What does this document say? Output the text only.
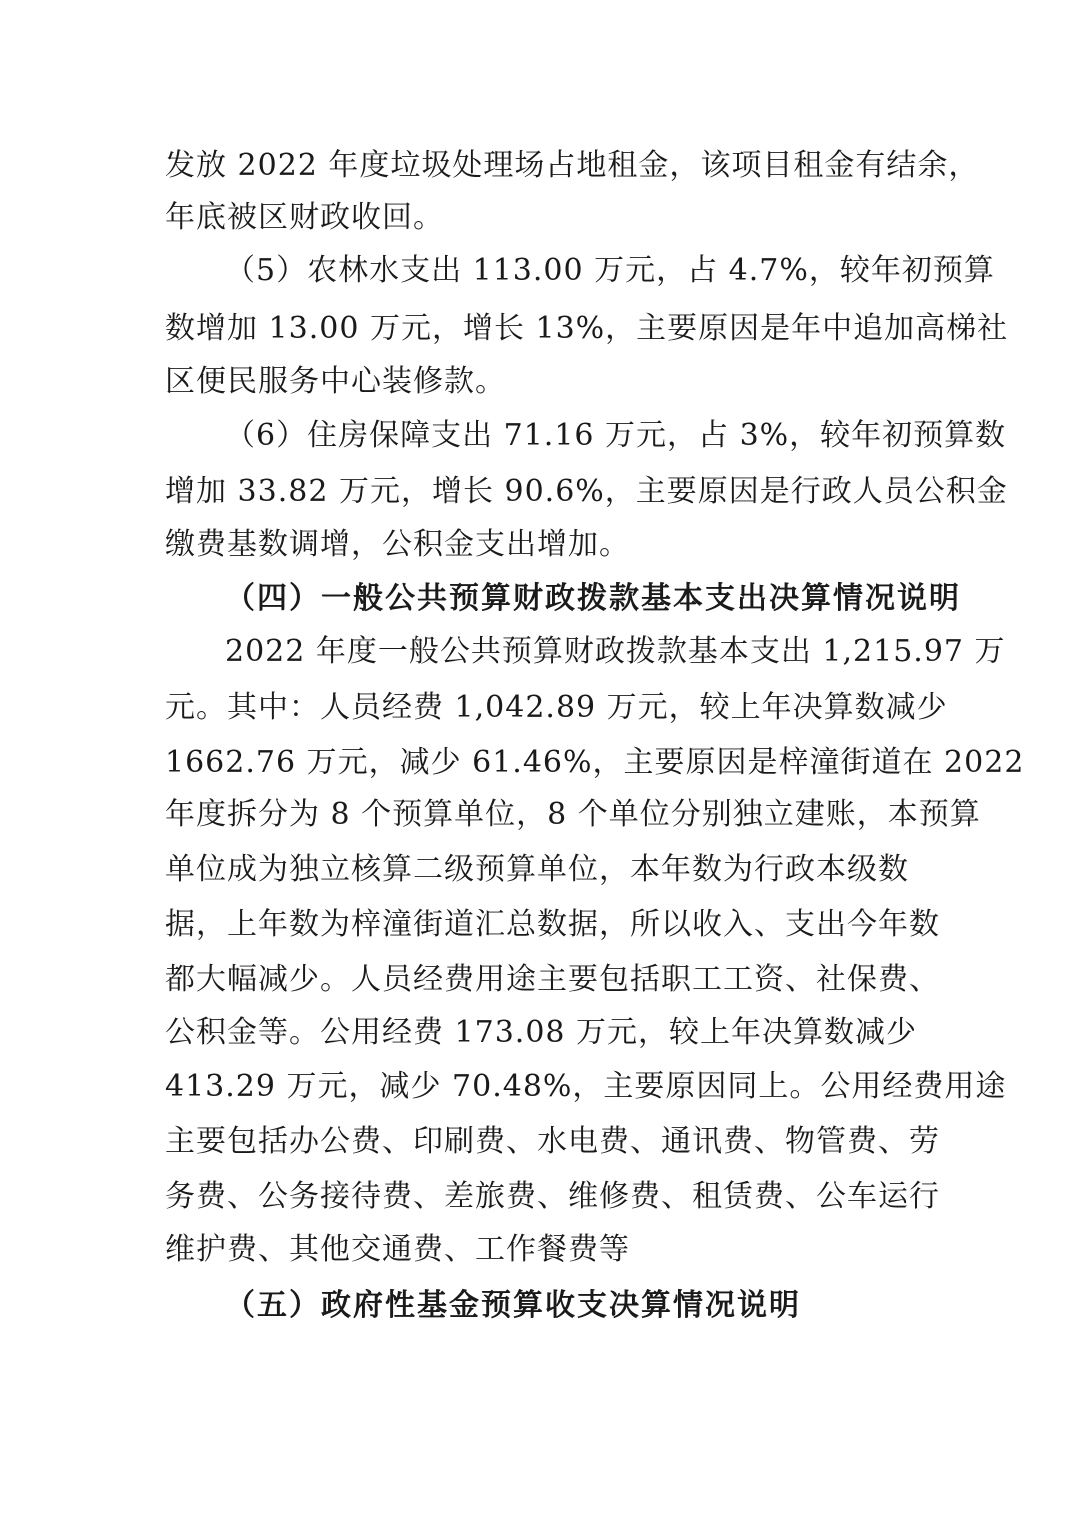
发放 2022 年度垃圾处理场占地租金，该项目租金有结余，
年底被区财政收回。
（5）农林水支出 113.00 万元，占 4.7%，较年初预算
数增加 13.00 万元，增长 13%，主要原因是年中追加高梯社
区便民服务中心装修款。
（6）住房保障支出 71.16 万元，占 3%，较年初预算数
增加 33.82 万元，增长 90.6%，主要原因是行政人员公积金
缴费基数调增，公积金支出增加。
（四）一般公共预算财政拨款基本支出决算情况说明
2022 年度一般公共预算财政拨款基本支出 1,215.97 万
元。其中：人员经费 1,042.89 万元，较上年决算数减少
1662.76 万元，减少 61.46%，主要原因是梓潼街道在 2022
年度拆分为 8 个预算单位，8 个单位分别独立建账，本预算
单位成为独立核算二级预算单位，本年数为行政本级数
据，上年数为梓潼街道汇总数据，所以收入、支出今年数
都大幅减少。人员经费用途主要包括职工工资、社保费、
公积金等。公用经费 173.08 万元，较上年决算数减少
413.29 万元，减少 70.48%，主要原因同上。公用经费用途
主要包括办公费、印刷费、水电费、通讯费、物管费、劳
务费、公务接待费、差旅费、维修费、租赁费、公车运行
维护费、其他交通费、工作餐费等
（五）政府性基金预算收支决算情况说明
